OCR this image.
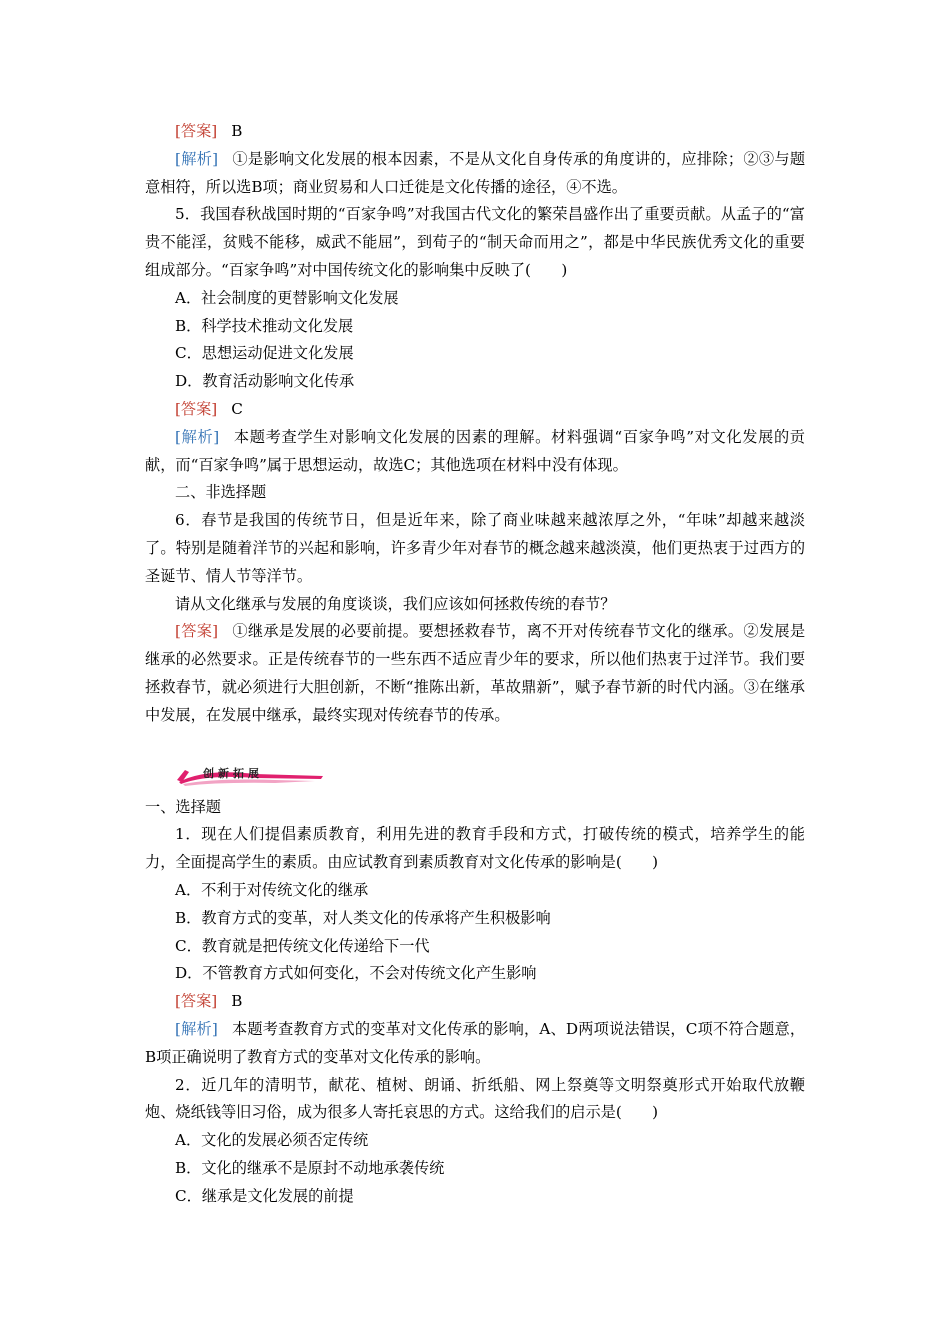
[答案] B

[解析] ①是影响文化发展的根本因素，不是从文化自身传承的角度讲的，应排除；②③与题意相符，所以选B项；商业贸易和人口迁徙是文化传播的途径，④不选。

5．我国春秋战国时期的“百家争鸣”对我国古代文化的繁荣昌盛作出了重要贡献。从孟子的“富贵不能淫，贫贱不能移，威武不能屈”，到荀子的“制天命而用之”，都是中华民族优秀文化的重要组成部分。“百家争鸣”对中国传统文化的影响集中反映了(　　)

A．社会制度的更替影响文化发展

B．科学技术推动文化发展

C．思想运动促进文化发展

D．教育活动影响文化传承

[答案] C

[解析] 本题考查学生对影响文化发展的因素的理解。材料强调“百家争鸣”对文化发展的贡献，而“百家争鸣”属于思想运动，故选C；其他选项在材料中没有体现。

二、非选择题

6．春节是我国的传统节日，但是近年来，除了商业味越来越浓厚之外，“年味”却越来越淡了。特别是随着洋节的兴起和影响，许多青少年对春节的概念越来越淡漠，他们更热衷于过西方的圣诞节、情人节等洋节。

请从文化继承与发展的角度谈谈，我们应该如何拯救传统的春节？

[答案] ①继承是发展的必要前提。要想拯救春节，离不开对传统春节文化的继承。②发展是继承的必然要求。正是传统春节的一些东西不适应青少年的要求，所以他们热衷于过洋节。我们要拯救春节，就必须进行大胆创新，不断“推陈出新，革故鼎新”，赋予春节新的时代内涵。③在继承中发展，在发展中继承，最终实现对传统春节的传承。

创新拓展

一、选择题

1．现在人们提倡素质教育，利用先进的教育手段和方式，打破传统的模式，培养学生的能力，全面提高学生的素质。由应试教育到素质教育对文化传承的影响是(　　)

A．不利于对传统文化的继承

B．教育方式的变革，对人类文化的传承将产生积极影响

C．教育就是把传统文化传递给下一代

D．不管教育方式如何变化，不会对传统文化产生影响

[答案] B

[解析] 本题考查教育方式的变革对文化传承的影响，A、D两项说法错误，C项不符合题意，B项正确说明了教育方式的变革对文化传承的影响。

2．近几年的清明节，献花、植树、朗诵、折纸船、网上祭奠等文明祭奠形式开始取代放鞭炮、烧纸钱等旧习俗，成为很多人寄托哀思的方式。这给我们的启示是(　　)

A．文化的发展必须否定传统

B．文化的继承不是原封不动地承袭传统

C．继承是文化发展的前提
